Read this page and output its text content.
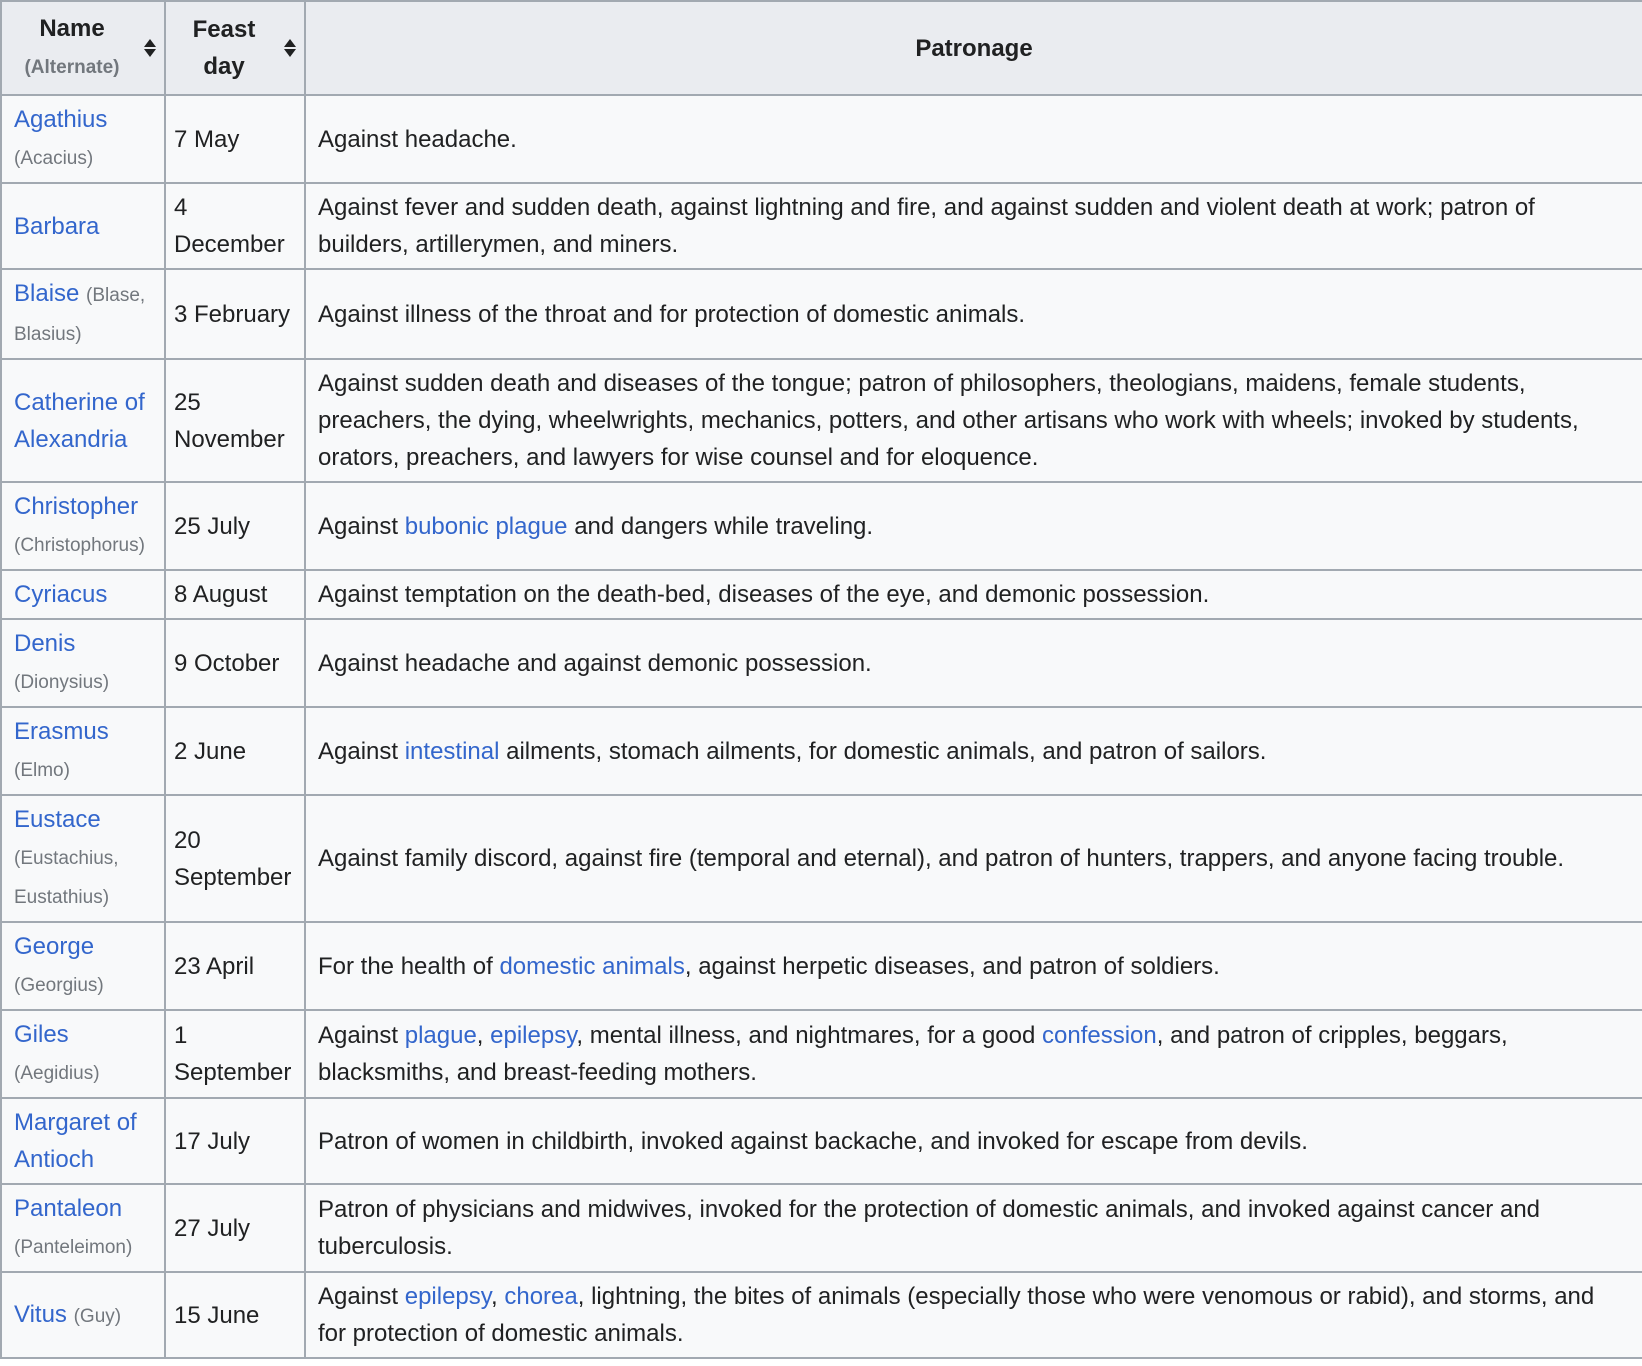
Name (Alternate)	Feast day	Patronage
Agathius (Acacius)	7 May	Against headache.
Barbara	4 December	Against fever and sudden death, against lightning and fire, and against sudden and violent death at work; patron of builders, artillerymen, and miners.
Blaise (Blase, Blasius)	3 February	Against illness of the throat and for protection of domestic animals.
Catherine of Alexandria	25 November	Against sudden death and diseases of the tongue; patron of philosophers, theologians, maidens, female students, preachers, the dying, wheelwrights, mechanics, potters, and other artisans who work with wheels; invoked by students, orators, preachers, and lawyers for wise counsel and for eloquence.
Christopher (Christophorus)	25 July	Against bubonic plague and dangers while traveling.
Cyriacus	8 August	Against temptation on the death-bed, diseases of the eye, and demonic possession.
Denis (Dionysius)	9 October	Against headache and against demonic possession.
Erasmus (Elmo)	2 June	Against intestinal ailments, stomach ailments, for domestic animals, and patron of sailors.
Eustace (Eustachius, Eustathius)	20 September	Against family discord, against fire (temporal and eternal), and patron of hunters, trappers, and anyone facing trouble.
George (Georgius)	23 April	For the health of domestic animals, against herpetic diseases, and patron of soldiers.
Giles (Aegidius)	1 September	Against plague, epilepsy, mental illness, and nightmares, for a good confession, and patron of cripples, beggars, blacksmiths, and breast-feeding mothers.
Margaret of Antioch	17 July	Patron of women in childbirth, invoked against backache, and invoked for escape from devils.
Pantaleon (Panteleimon)	27 July	Patron of physicians and midwives, invoked for the protection of domestic animals, and invoked against cancer and tuberculosis.
Vitus (Guy)	15 June	Against epilepsy, chorea, lightning, the bites of animals (especially those who were venomous or rabid), and storms, and for protection of domestic animals.
